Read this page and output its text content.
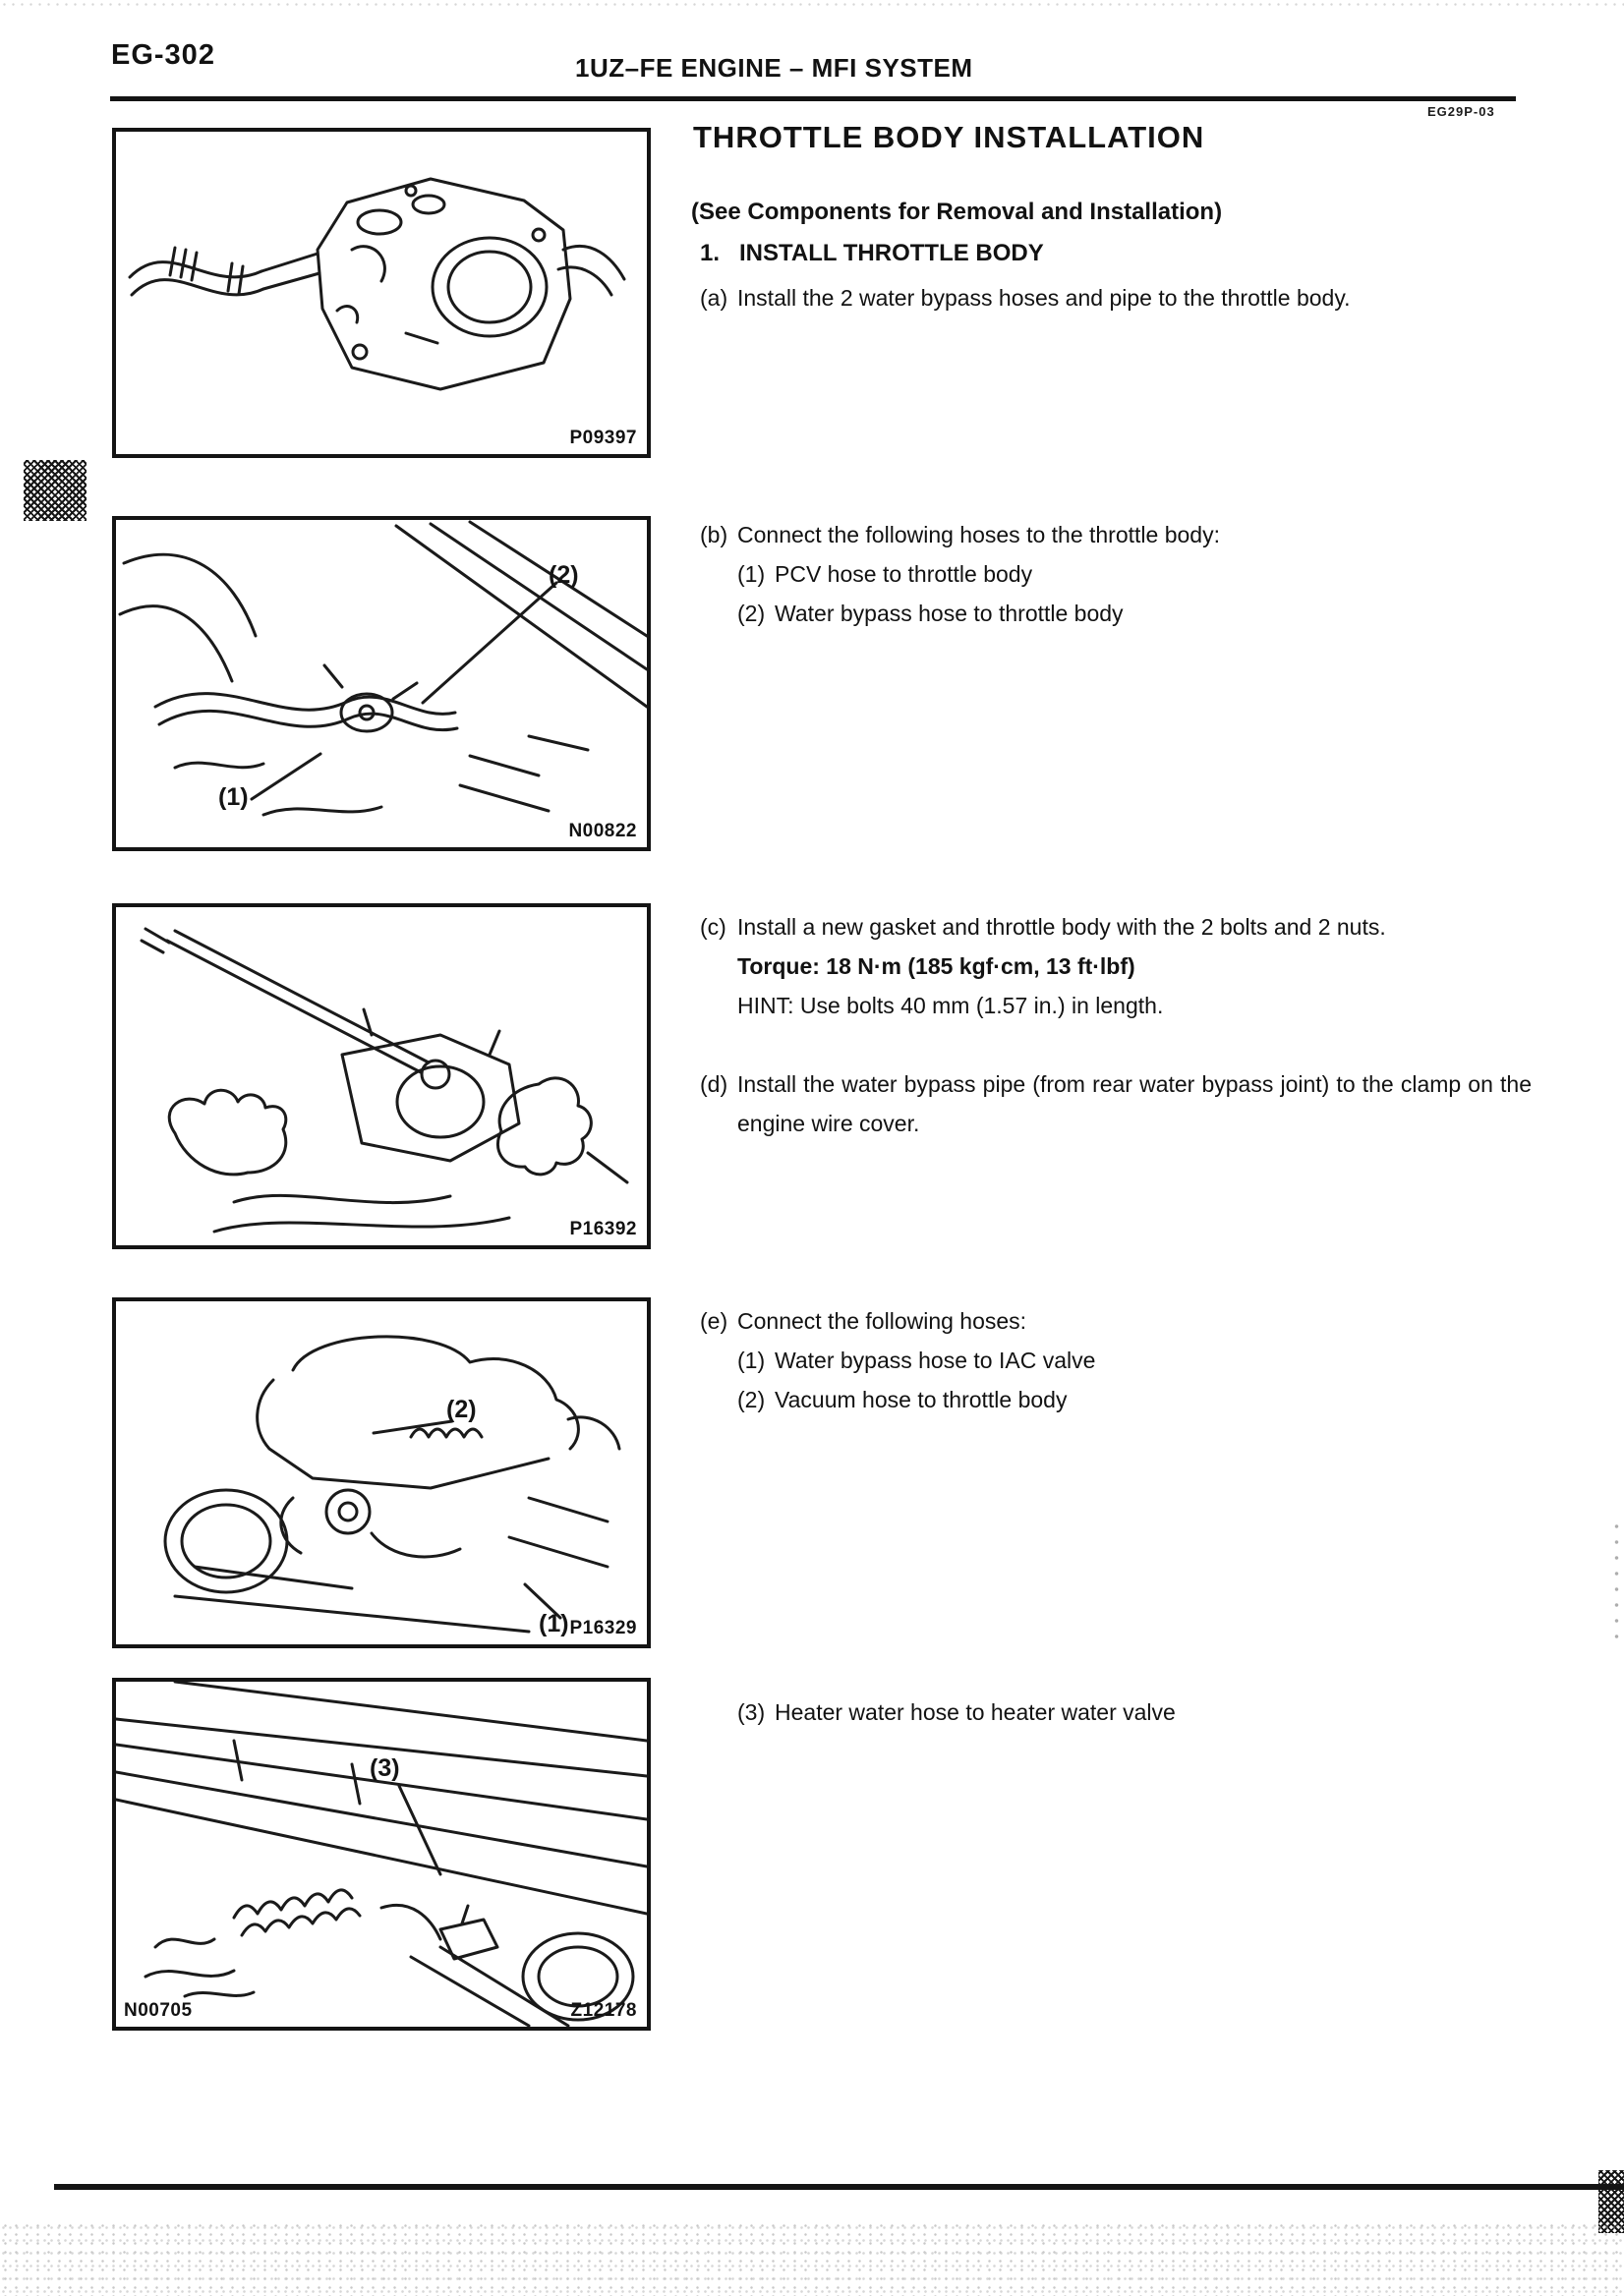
EG-302	1UZ–FE ENGINE – MFI SYSTEM
EG29P-03
P09397
(2)
(1)
N00822
P16392
(2)
(1) P16329
(3)
N00705	Z12178
THROTTLE BODY INSTALLATION
(See Components for Removal and Installation)
1. INSTALL THROTTLE BODY
(a) Install the 2 water bypass hoses and pipe to the throttle body.
(b) Connect the following hoses to the throttle body:
(1) PCV hose to throttle body
(2) Water bypass hose to throttle body
(c) Install a new gasket and throttle body with the 2 bolts and 2 nuts.
Torque: 18 N·m (185 kgf·cm, 13 ft·lbf)
HINT: Use bolts 40 mm (1.57 in.) in length.
(d) Install the water bypass pipe (from rear water bypass joint) to the clamp on the engine wire cover.
(e) Connect the following hoses:
(1) Water bypass hose to IAC valve
(2) Vacuum hose to throttle body
(3) Heater water hose to heater water valve
